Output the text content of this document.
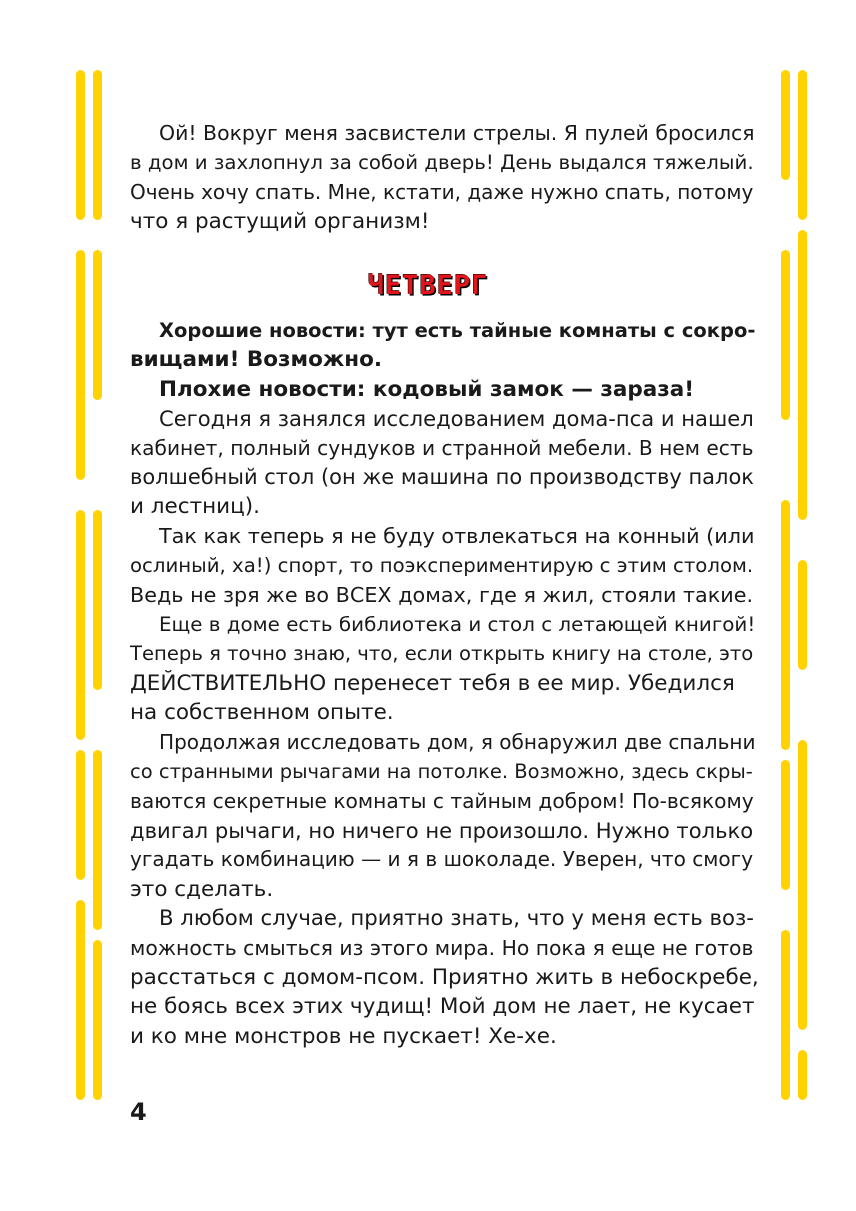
Ой! Вокруг меня засвистели стрелы. Я пулей бросился
в дом и захлопнул за собой дверь! День выдался тяжелый.
Очень хочу спать. Мне, кстати, даже нужно спать, потому
что я растущий организм!
ЧЕТВЕРГ
Хорошие новости: тут есть тайные комнаты с сокро-
вищами! Возможно.
Плохие новости: кодовый замок — зараза!
Сегодня я занялся исследованием дома-пса и нашел
кабинет, полный сундуков и странной мебели. В нем есть
волшебный стол (он же машина по производству палок
и лестниц).
Так как теперь я не буду отвлекаться на конный (или
ослиный, ха!) спорт, то поэкспериментирую с этим столом.
Ведь не зря же во ВСЕХ домах, где я жил, стояли такие.
Еще в доме есть библиотека и стол с летающей книгой!
Теперь я точно знаю, что, если открыть книгу на столе, это
ДЕЙСТВИТЕЛЬНО перенесет тебя в ее мир. Убедился
на собственном опыте.
Продолжая исследовать дом, я обнаружил две спальни
со странными рычагами на потолке. Возможно, здесь скры-
ваются секретные комнаты с тайным добром! По-всякому
двигал рычаги, но ничего не произошло. Нужно только
угадать комбинацию — и я в шоколаде. Уверен, что смогу
это сделать.
В любом случае, приятно знать, что у меня есть воз-
можность смыться из этого мира. Но пока я еще не готов
расстаться с домом-псом. Приятно жить в небоскребе,
не боясь всех этих чудищ! Мой дом не лает, не кусает
и ко мне монстров не пускает! Хе-хе.
4
